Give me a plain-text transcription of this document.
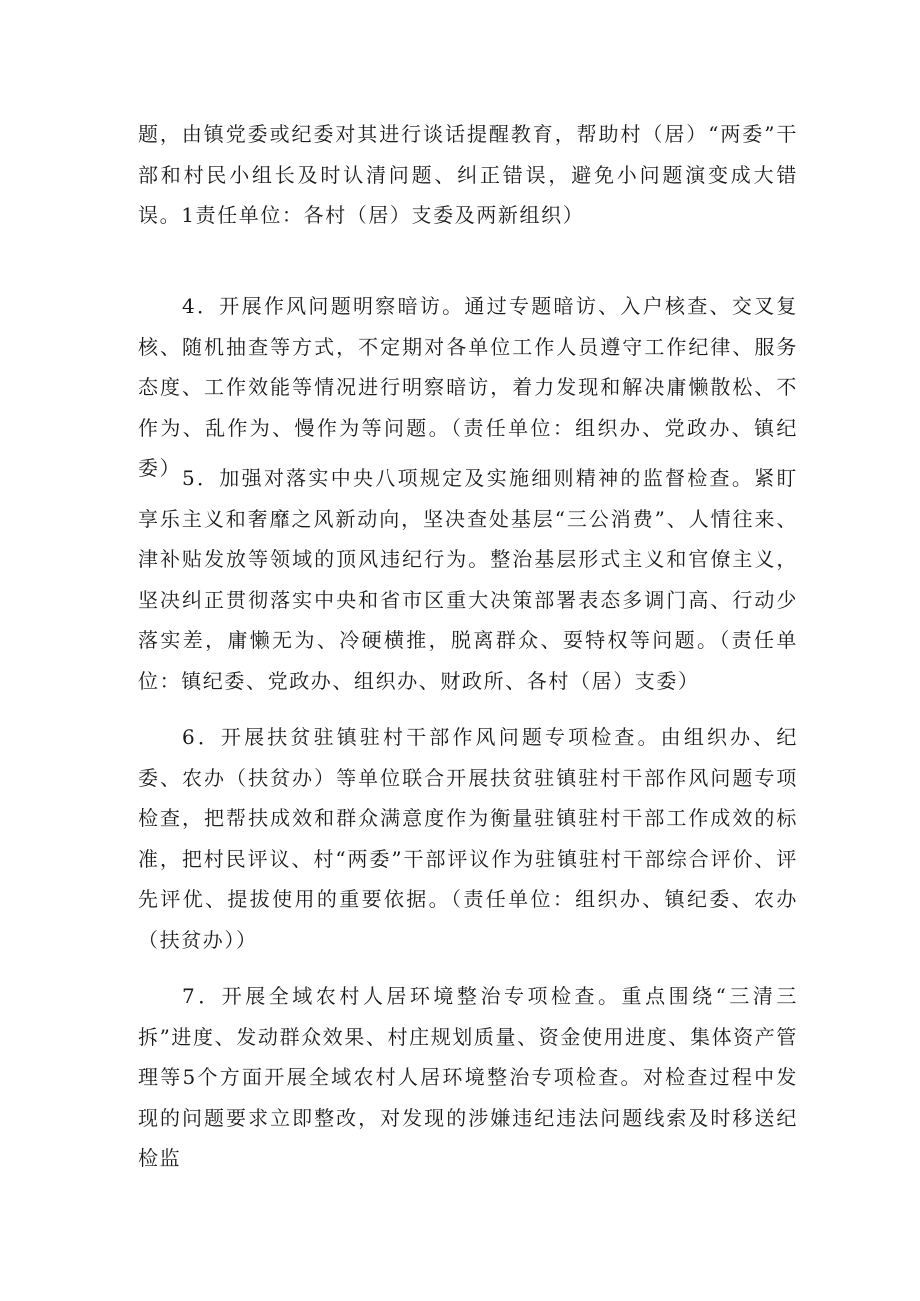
题，由镇党委或纪委对其进行谈话提醒教育，帮助村（居）“两委”干部和村民小组长及时认清问题、纠正错误，避免小问题演变成大错误。1责任单位：各村（居）支委及两新组织）

4．开展作风问题明察暗访。通过专题暗访、入户核查、交叉复核、随机抽查等方式，不定期对各单位工作人员遵守工作纪律、服务态度、工作效能等情况进行明察暗访，着力发现和解决庸懒散松、不作为、乱作为、慢作为等问题。（责任单位：组织办、党政办、镇纪委） 5．加强对落实中央八项规定及实施细则精神的监督检查。紧盯享乐主义和奢靡之风新动向，坚决查处基层“三公消费”、人情往来、津补贴发放等领域的顶风违纪行为。整治基层形式主义和官僚主义，坚决纠正贯彻落实中央和省市区重大决策部署表态多调门高、行动少落实差，庸懒无为、冷硬横推，脱离群众、耍特权等问题。（责任单位：镇纪委、党政办、组织办、财政所、各村（居）支委）

6．开展扶贫驻镇驻村干部作风问题专项检查。由组织办、纪委、农办（扶贫办）等单位联合开展扶贫驻镇驻村干部作风问题专项检查，把帮扶成效和群众满意度作为衡量驻镇驻村干部工作成效的标准，把村民评议、村“两委”干部评议作为驻镇驻村干部综合评价、评先评优、提拔使用的重要依据。（责任单位：组织办、镇纪委、农办（扶贫办））

7．开展全域农村人居环境整治专项检查。重点围绕“三清三拆”进度、发动群众效果、村庄规划质量、资金使用进度、集体资产管理等5个方面开展全域农村人居环境整治专项检查。对检查过程中发现的问题要求立即整改，对发现的涉嫌违纪违法问题线索及时移送纪检监
